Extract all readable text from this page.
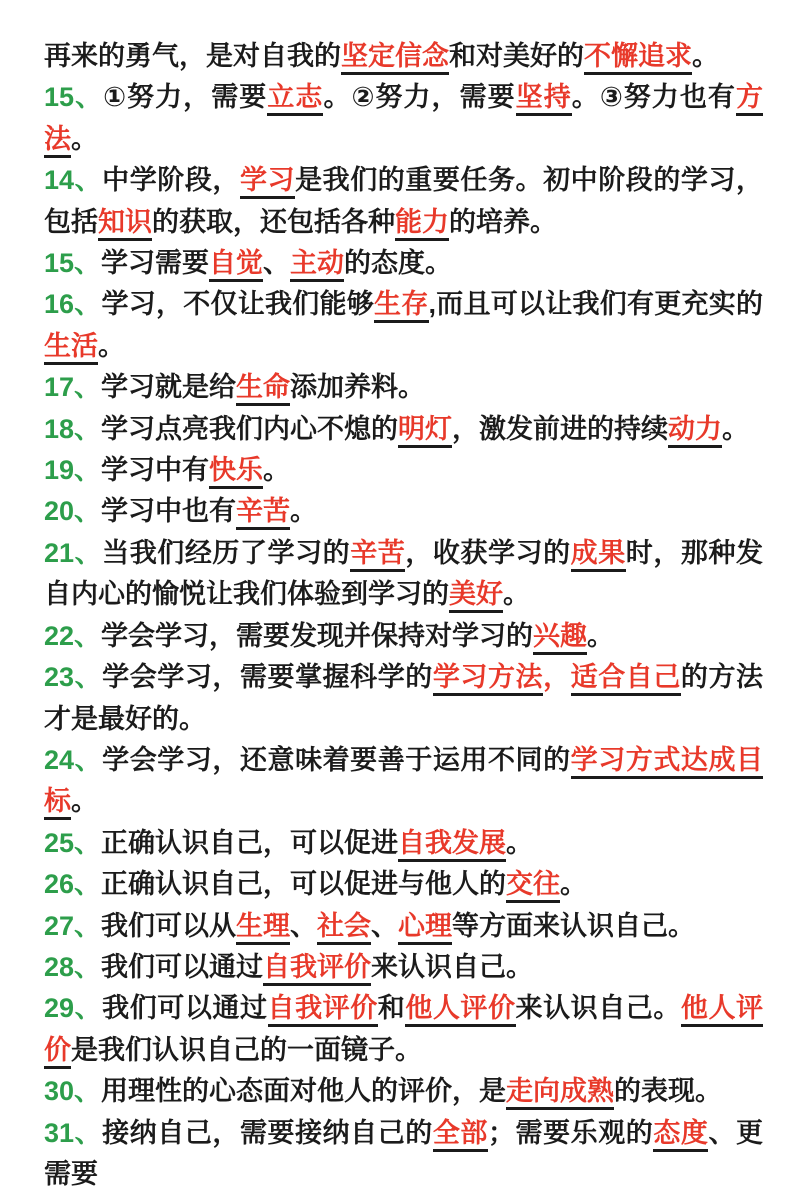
再来的勇气，是对自我的坚定信念和对美好的不懈追求。

15、①努力，需要立志。②努力，需要坚持。③努力也有方法。

14、中学阶段，学习是我们的重要任务。初中阶段的学习，包括知识的获取，还包括各种能力的培养。

15、学习需要自觉、主动的态度。

16、学习，不仅让我们能够生存,而且可以让我们有更充实的生活。

17、学习就是给生命添加养料。

18、学习点亮我们内心不熄的明灯，激发前进的持续动力。

19、学习中有快乐。

20、学习中也有辛苦。

21、当我们经历了学习的辛苦，收获学习的成果时，那种发自内心的愉悦让我们体验到学习的美好。

22、学会学习，需要发现并保持对学习的兴趣。

23、学会学习，需要掌握科学的学习方法，适合自己的方法才是最好的。

24、学会学习，还意味着要善于运用不同的学习方式达成目标。

25、正确认识自己，可以促进自我发展。

26、正确认识自己，可以促进与他人的交往。

27、我们可以从生理、社会、心理等方面来认识自己。

28、我们可以通过自我评价来认识自己。

29、我们可以通过自我评价和他人评价来认识自己。他人评价是我们认识自己的一面镜子。

30、用理性的心态面对他人的评价，是走向成熟的表现。

31、接纳自己，需要接纳自己的全部；需要乐观的态度、更需要
